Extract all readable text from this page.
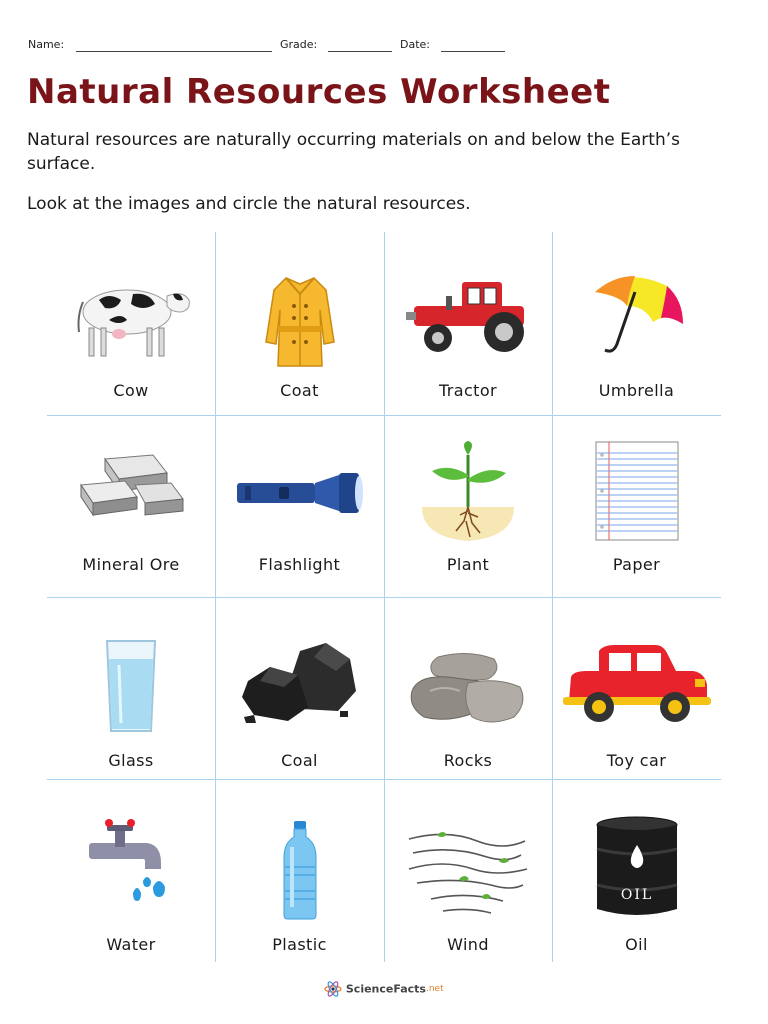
Name:	Grade:	Date:
Natural Resources Worksheet

Natural resources are naturally occurring materials on and below the Earth’s surface.

Look at the images and circle the natural resources.

Cow	Coat	Tractor	Umbrella
Mineral Ore	Flashlight	Plant	Paper
Glass	Coal	Rocks	Toy car
Water	Plastic	Wind
OIL
Oil
ScienceFacts.net
